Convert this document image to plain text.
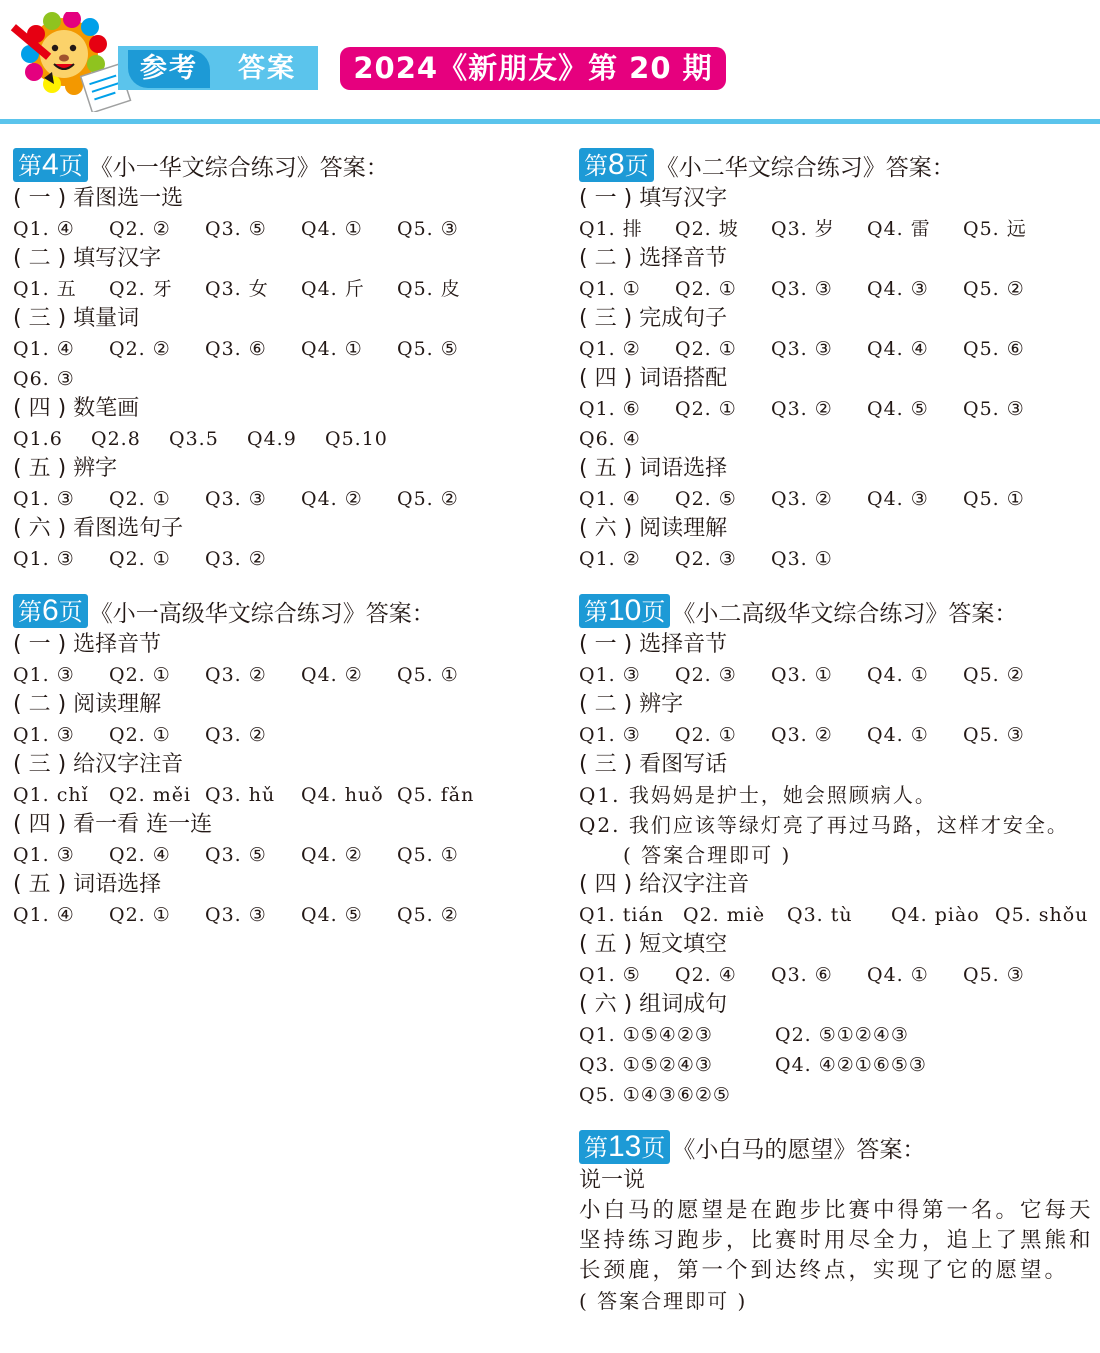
参考	答案	2024《新朋友》第 20 期
第4页 《小一华文综合练习》答案：
( 一 ) 看图选一选
Q1. ④ Q2. ② Q3. ⑤ Q4. ① Q5. ③
( 二 ) 填写汉字
Q1. 五 Q2. 牙 Q3. 女 Q4. 斤 Q5. 皮
( 三 ) 填量词
Q1. ④ Q2. ② Q3. ⑥ Q4. ① Q5. ⑤
Q6. ③
( 四 ) 数笔画
Q1.6 Q2.8 Q3.5 Q4.9 Q5.10
( 五 ) 辨字
Q1. ③ Q2. ① Q3. ③ Q4. ② Q5. ②
( 六 ) 看图选句子
Q1. ③ Q2. ① Q3. ②
第6页 《小一高级华文综合练习》答案：
( 一 ) 选择音节
Q1. ③ Q2. ① Q3. ② Q4. ② Q5. ①
( 二 ) 阅读理解
Q1. ③ Q2. ① Q3. ②
( 三 ) 给汉字注音
Q1. chǐ Q2. měi Q3. hǔ Q4. huǒ Q5. fǎn
( 四 ) 看一看 连一连
Q1. ③ Q2. ④ Q3. ⑤ Q4. ② Q5. ①
( 五 ) 词语选择
Q1. ④ Q2. ① Q3. ③ Q4. ⑤ Q5. ②
第8页 《小二华文综合练习》答案：
( 一 ) 填写汉字
Q1. 排 Q2. 坡 Q3. 岁 Q4. 雷 Q5. 远
( 二 ) 选择音节
Q1. ① Q2. ① Q3. ③ Q4. ③ Q5. ②
( 三 ) 完成句子
Q1. ② Q2. ① Q3. ③ Q4. ④ Q5. ⑥
( 四 ) 词语搭配
Q1. ⑥ Q2. ① Q3. ② Q4. ⑤ Q5. ③
Q6. ④
( 五 ) 词语选择
Q1. ④ Q2. ⑤ Q3. ② Q4. ③ Q5. ①
( 六 ) 阅读理解
Q1. ② Q2. ③ Q3. ①
第10页 《小二高级华文综合练习》答案：
( 一 ) 选择音节
Q1. ③ Q2. ③ Q3. ① Q4. ① Q5. ②
( 二 ) 辨字
Q1. ③ Q2. ① Q3. ② Q4. ① Q5. ③
( 三 ) 看图写话
Q1. 我妈妈是护士，她会照顾病人。
Q2. 我们应该等绿灯亮了再过马路，这样才安全。
( 答案合理即可 )
( 四 ) 给汉字注音
Q1. tián Q2. miè Q3. tù Q4. piào Q5. shǒu
( 五 ) 短文填空
Q1. ⑤ Q2. ④ Q3. ⑥ Q4. ① Q5. ③
( 六 ) 组词成句
Q1. ①⑤④②③	Q2. ⑤①②④③
Q3. ①⑤②④③	Q4. ④②①⑥⑤③
Q5. ①④③⑥②⑤
第13页 《小白马的愿望》答案：
说一说
小白马的愿望是在跑步比赛中得第一名。它每天坚持练习跑步，比赛时用尽全力，追上了黑熊和长颈鹿，第一个到达终点，实现了它的愿望。
( 答案合理即可 )
